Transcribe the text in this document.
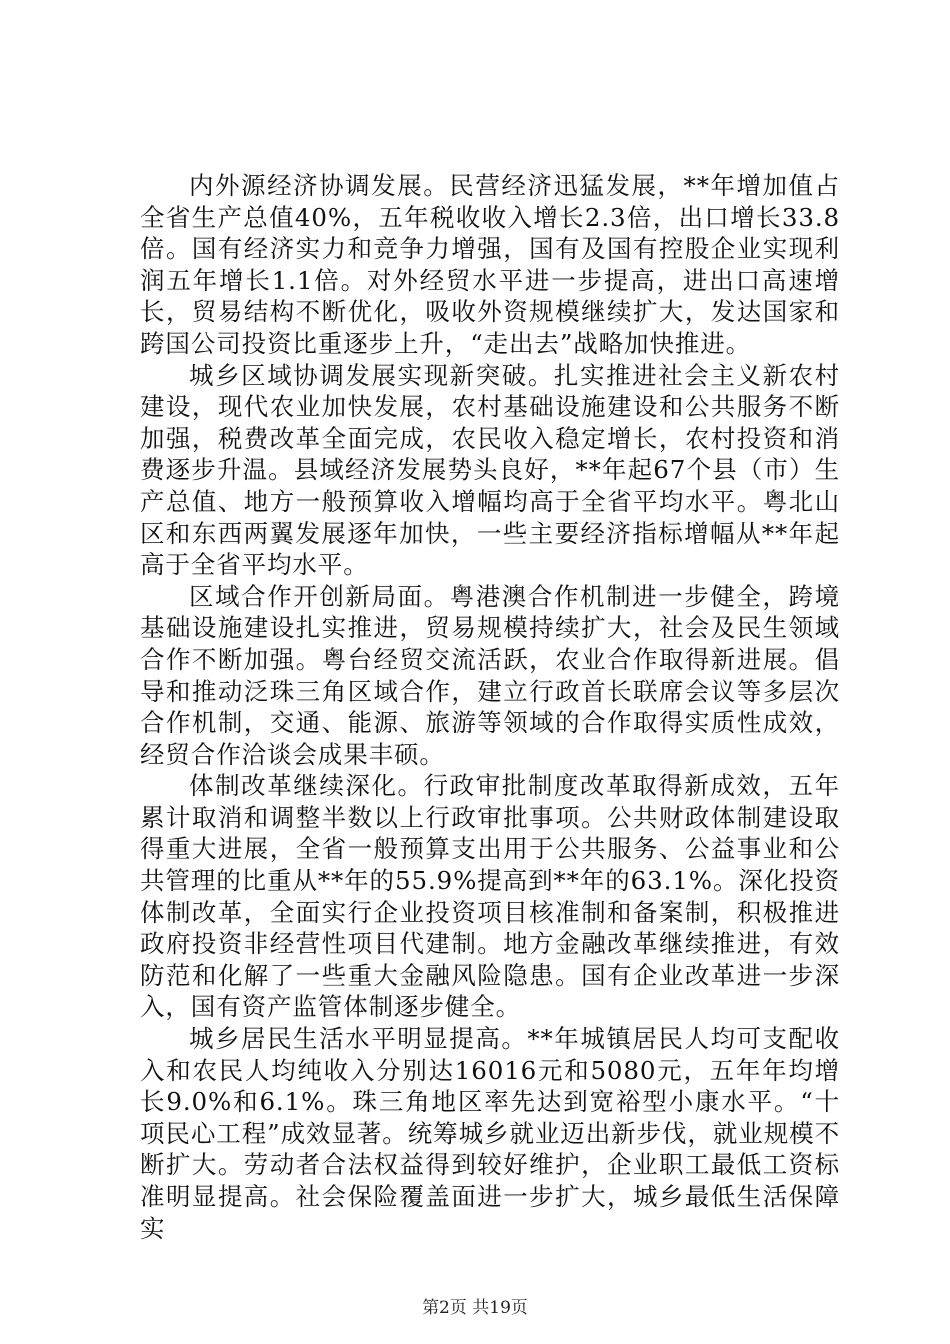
内外源经济协调发展。民营经济迅猛发展，**年增加值占全省生产总值40%，五年税收收入增长2.3倍，出口增长33.8倍。国有经济实力和竞争力增强，国有及国有控股企业实现利润五年增长1.1倍。对外经贸水平进一步提高，进出口高速增长，贸易结构不断优化，吸收外资规模继续扩大，发达国家和跨国公司投资比重逐步上升，“走出去”战略加快推进。

城乡区域协调发展实现新突破。扎实推进社会主义新农村建设，现代农业加快发展，农村基础设施建设和公共服务不断加强，税费改革全面完成，农民收入稳定增长，农村投资和消费逐步升温。县域经济发展势头良好，**年起67个县（市）生产总值、地方一般预算收入增幅均高于全省平均水平。粤北山区和东西两翼发展逐年加快，一些主要经济指标增幅从**年起高于全省平均水平。

区域合作开创新局面。粤港澳合作机制进一步健全，跨境基础设施建设扎实推进，贸易规模持续扩大，社会及民生领域合作不断加强。粤台经贸交流活跃，农业合作取得新进展。倡导和推动泛珠三角区域合作，建立行政首长联席会议等多层次合作机制，交通、能源、旅游等领域的合作取得实质性成效，经贸合作洽谈会成果丰硕。

体制改革继续深化。行政审批制度改革取得新成效，五年累计取消和调整半数以上行政审批事项。公共财政体制建设取得重大进展，全省一般预算支出用于公共服务、公益事业和公共管理的比重从**年的55.9%提高到**年的63.1%。深化投资体制改革，全面实行企业投资项目核准制和备案制，积极推进政府投资非经营性项目代建制。地方金融改革继续推进，有效防范和化解了一些重大金融风险隐患。国有企业改革进一步深入，国有资产监管体制逐步健全。

城乡居民生活水平明显提高。**年城镇居民人均可支配收入和农民人均纯收入分别达16016元和5080元，五年年均增长9.0%和6.1%。珠三角地区率先达到宽裕型小康水平。“十项民心工程”成效显著。统筹城乡就业迈出新步伐，就业规模不断扩大。劳动者合法权益得到较好维护，企业职工最低工资标准明显提高。社会保险覆盖面进一步扩大，城乡最低生活保障实

第2页 共19页
